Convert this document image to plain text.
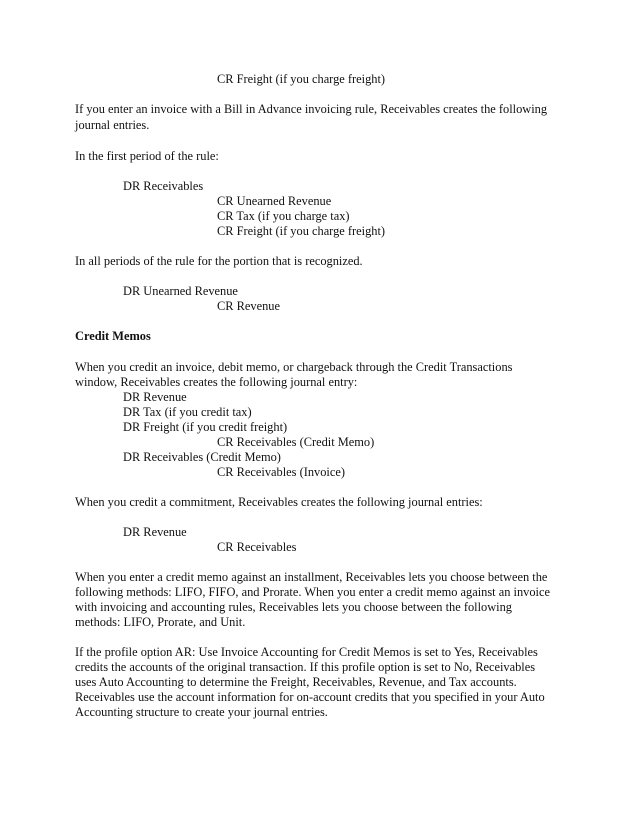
CR Freight (if you charge freight)
If you enter an invoice with a Bill in Advance invoicing rule, Receivables creates the following
journal entries.
In the first period of the rule:
DR Receivables
CR Unearned Revenue
CR Tax (if you charge tax)
CR Freight (if you charge freight)
In all periods of the rule for the portion that is recognized.
DR Unearned Revenue
CR Revenue
Credit Memos
When you credit an invoice, debit memo, or chargeback through the Credit Transactions
window, Receivables creates the following journal entry:
DR Revenue
DR Tax (if you credit tax)
DR Freight (if you credit freight)
CR Receivables (Credit Memo)
DR Receivables (Credit Memo)
CR Receivables (Invoice)
When you credit a commitment, Receivables creates the following journal entries:
DR Revenue
CR Receivables
When you enter a credit memo against an installment, Receivables lets you choose between the
following methods: LIFO, FIFO, and Prorate. When you enter a credit memo against an invoice
with invoicing and accounting rules, Receivables lets you choose between the following
methods: LIFO, Prorate, and Unit.
If the profile option AR: Use Invoice Accounting for Credit Memos is set to Yes, Receivables
credits the accounts of the original transaction. If this profile option is set to No, Receivables
uses Auto Accounting to determine the Freight, Receivables, Revenue, and Tax accounts.
Receivables use the account information for on-account credits that you specified in your Auto
Accounting structure to create your journal entries.
